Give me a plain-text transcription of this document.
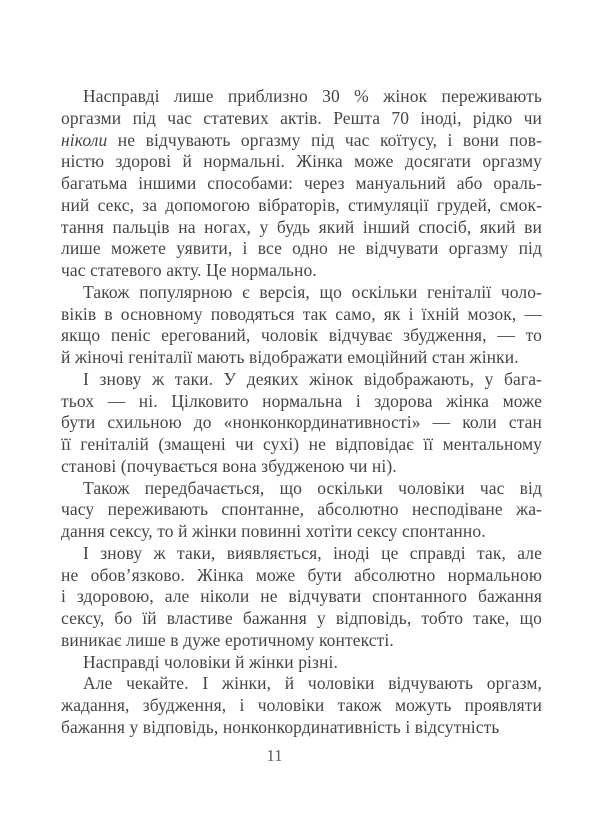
Насправді лише приблизно 30 % жінок переживають
оргазми під час статевих актів. Решта 70 іноді, рідко чи
ніколи не відчувають оргазму під час коїтусу, і вони пов-
ністю здорові й нормальні. Жінка може досягати оргазму
багатьма іншими способами: через мануальний або ораль-
ний секс, за допомогою вібраторів, стимуляції грудей, смок-
тання пальців на ногах, у будь який інший спосіб, який ви
лише можете уявити, і все одно не відчувати оргазму під
час статевого акту. Це нормально.
Також популярною є версія, що оскільки геніталії чоло-
віків в основному поводяться так само, як і їхній мозок, —
якщо пеніс ерегований, чоловік відчуває збудження, — то
й жіночі геніталії мають відображати емоційний стан жінки.
І знову ж таки. У деяких жінок відображають, у бага-
тьох — ні. Цілковито нормальна і здорова жінка може
бути схильною до «нонконкординативності» — коли стан
її геніталій (змащені чи сухі) не відповідає її ментальному
станові (почувається вона збудженою чи ні).
Також передбачається, що оскільки чоловіки час від
часу переживають спонтанне, абсолютно несподіване жа-
дання сексу, то й жінки повинні хотіти сексу спонтанно.
І знову ж таки, виявляється, іноді це справді так, але
не обов’язково. Жінка може бути абсолютно нормальною
і здоровою, але ніколи не відчувати спонтанного бажання
сексу, бо їй властиве бажання у відповідь, тобто таке, що
виникає лише в дуже еротичному контексті.
Насправді чоловіки й жінки різні.
Але чекайте. І жінки, й чоловіки відчувають оргазм,
жадання, збудження, і чоловіки також можуть проявляти
бажання у відповідь, нонконкординативність і відсутність
11
